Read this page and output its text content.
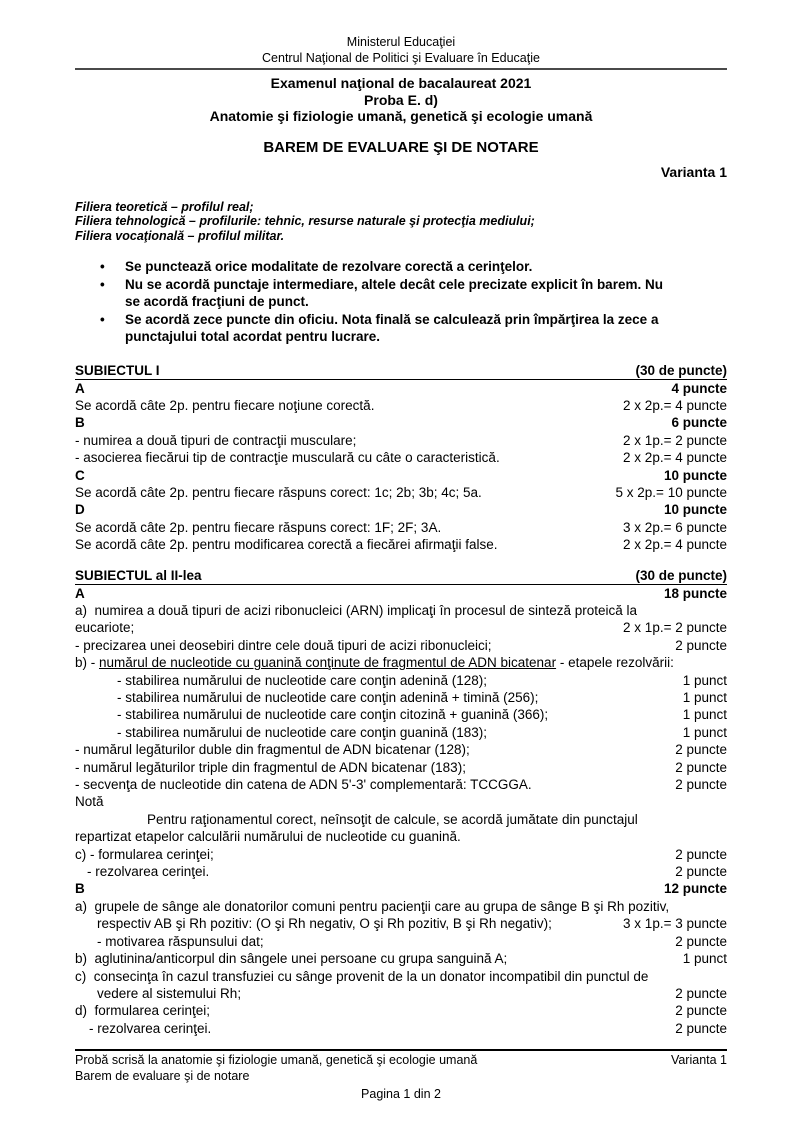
Ministerul Educaţiei
Centrul Naţional de Politici şi Evaluare în Educaţie
Examenul naţional de bacalaureat 2021
Proba E. d)
Anatomie şi fiziologie umană, genetică şi ecologie umană
BAREM DE EVALUARE ŞI DE NOTARE
Varianta 1
Filiera teoretică – profilul real;
Filiera tehnologică – profilurile: tehnic, resurse naturale şi protecţia mediului;
Filiera vocaţională – profilul militar.
•	Se punctează orice modalitate de rezolvare corectă a cerinţelor.
•	Nu se acordă punctaje intermediare, altele decât cele precizate explicit în barem. Nu
se acordă fracţiuni de punct.
•	Se acordă zece puncte din oficiu. Nota finală se calculează prin împărţirea la zece a
punctajului total acordat pentru lucrare.
SUBIECTUL I	(30 de puncte)
A	4 puncte
Se acordă câte 2p. pentru fiecare noţiune corectă.	2 x 2p.= 4 puncte
B	6 puncte
- numirea a două tipuri de contracţii musculare;	2 x 1p.= 2 puncte
- asocierea fiecărui tip de contracţie musculară cu câte o caracteristică.	2 x 2p.= 4 puncte
C	10 puncte
Se acordă câte 2p. pentru fiecare răspuns corect: 1c; 2b; 3b; 4c; 5a.	5 x 2p.= 10 puncte
D	10 puncte
Se acordă câte 2p. pentru fiecare răspuns corect: 1F; 2F; 3A.	3 x 2p.= 6 puncte
Se acordă câte 2p. pentru modificarea corectă a fiecărei afirmaţii false.	2 x 2p.= 4 puncte
SUBIECTUL al II-lea	(30 de puncte)
A	18 puncte
a)  numirea a două tipuri de acizi ribonucleici (ARN) implicaţi în procesul de sinteză proteică la
eucariote;	2 x 1p.= 2 puncte
- precizarea unei deosebiri dintre cele două tipuri de acizi ribonucleici;	2 puncte
b) - numărul de nucleotide cu guanină conţinute de fragmentul de ADN bicatenar - etapele rezolvării:
- stabilirea numărului de nucleotide care conţin adenină (128);	1 punct
- stabilirea numărului de nucleotide care conţin adenină + timină (256);	1 punct
- stabilirea numărului de nucleotide care conţin citozină + guanină (366);	1 punct
- stabilirea numărului de nucleotide care conţin guanină (183);	1 punct
- numărul legăturilor duble din fragmentul de ADN bicatenar (128);	2 puncte
- numărul legăturilor triple din fragmentul de ADN bicatenar (183);	2 puncte
- secvenţa de nucleotide din catena de ADN 5'-3' complementară: TCCGGA.	2 puncte
Notă
Pentru raţionamentul corect, neînsoţit de calcule, se acordă jumătate din punctajul
repartizat etapelor calculării numărului de nucleotide cu guanină.
c) - formularea cerinţei;	2 puncte
- rezolvarea cerinţei.	2 puncte
B	12 puncte
a)  grupele de sânge ale donatorilor comuni pentru pacienţii care au grupa de sânge B şi Rh pozitiv,
respectiv AB şi Rh pozitiv: (O şi Rh negativ, O şi Rh pozitiv, B şi Rh negativ);	3 x 1p.= 3 puncte
- motivarea răspunsului dat;	2 puncte
b)  aglutinina/anticorpul din sângele unei persoane cu grupa sanguină A;	1 punct
c)  consecinţa în cazul transfuziei cu sânge provenit de la un donator incompatibil din punctul de
vedere al sistemului Rh;	2 puncte
d)  formularea cerinţei;	2 puncte
- rezolvarea cerinţei.	2 puncte
Probă scrisă la anatomie şi fiziologie umană, genetică şi ecologie umană	Varianta 1
Barem de evaluare şi de notare
Pagina 1 din 2
